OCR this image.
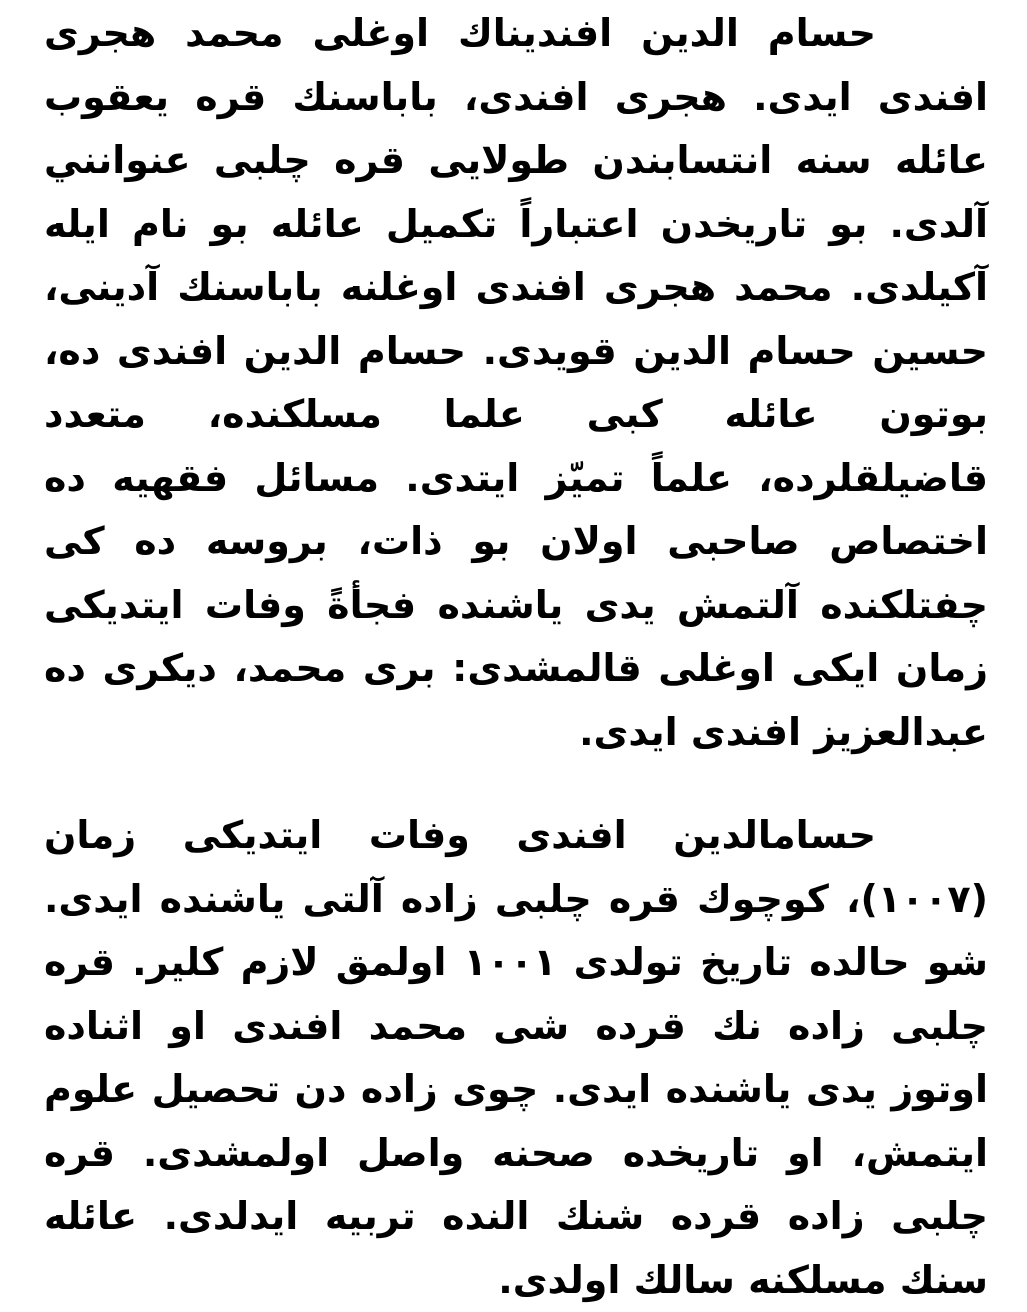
حسام الدين افنديناك اوغلی محمد هجری افندی ایدی. هجری افندی، باباسنك قره یعقوب عائله سنه انتسابندن طولایی قره چلبی عنوانني آلدی. بو تاريخدن اعتباراً تكميل عائله بو نام ايله آكيلدی. محمد هجری افندی اوغلنه باباسنك آدينی، حسين حسام الدين قويدی. حسام الدين افندی ده، بوتون عائله كبی علما مسلكنده، متعدد قاضيلقلرده، علماً تميّز ايتدی. مسائل فقهيه ده اختصاص صاحبی اولان بو ذات، بروسه ده كی چفتلكنده آلتمش يدی ياشنده فجأةً وفات ايتديكی زمان ايكی اوغلی قالمشدی: بری محمد، ديكری ده عبدالعزيز افندی ايدی.

حسامالدين افندی وفات ايتديكی زمان (١٠٠٧)، كوچوك قره چلبی زاده آلتی ياشنده ايدی. شو حالده تاريخ تولدی ١٠٠١ اولمق لازم كلير. قره چلبی زاده نك قرده شی محمد افندی او اثناده اوتوز يدی ياشنده ايدی. چوی زاده دن تحصيل علوم ايتمش، او تاريخده صحنه واصل اولمشدی. قره چلبی زاده قرده شنك النده تربيه ايدلدی. عائله سنك مسلكنه سالك اولدی.
